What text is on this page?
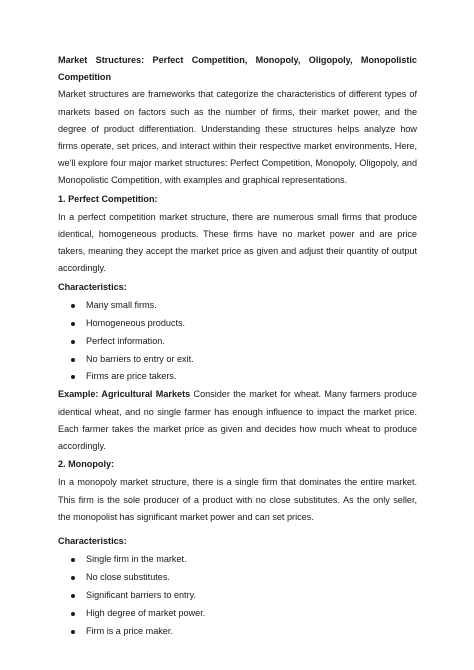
Market Structures: Perfect Competition, Monopoly, Oligopoly, Monopolistic Competition

Market structures are frameworks that categorize the characteristics of different types of markets based on factors such as the number of firms, their market power, and the degree of product differentiation. Understanding these structures helps analyze how firms operate, set prices, and interact within their respective market environments. Here, we'll explore four major market structures: Perfect Competition, Monopoly, Oligopoly, and Monopolistic Competition, with examples and graphical representations.

1. Perfect Competition:

In a perfect competition market structure, there are numerous small firms that produce identical, homogeneous products. These firms have no market power and are price takers, meaning they accept the market price as given and adjust their quantity of output accordingly.

Characteristics:
Many small firms.
Homogeneous products.
Perfect information.
No barriers to entry or exit.
Firms are price takers.

Example: Agricultural Markets Consider the market for wheat. Many farmers produce identical wheat, and no single farmer has enough influence to impact the market price. Each farmer takes the market price as given and decides how much wheat to produce accordingly.

2. Monopoly:

In a monopoly market structure, there is a single firm that dominates the entire market. This firm is the sole producer of a product with no close substitutes. As the only seller, the monopolist has significant market power and can set prices.

Characteristics:
Single firm in the market.
No close substitutes.
Significant barriers to entry.
High degree of market power.
Firm is a price maker.
